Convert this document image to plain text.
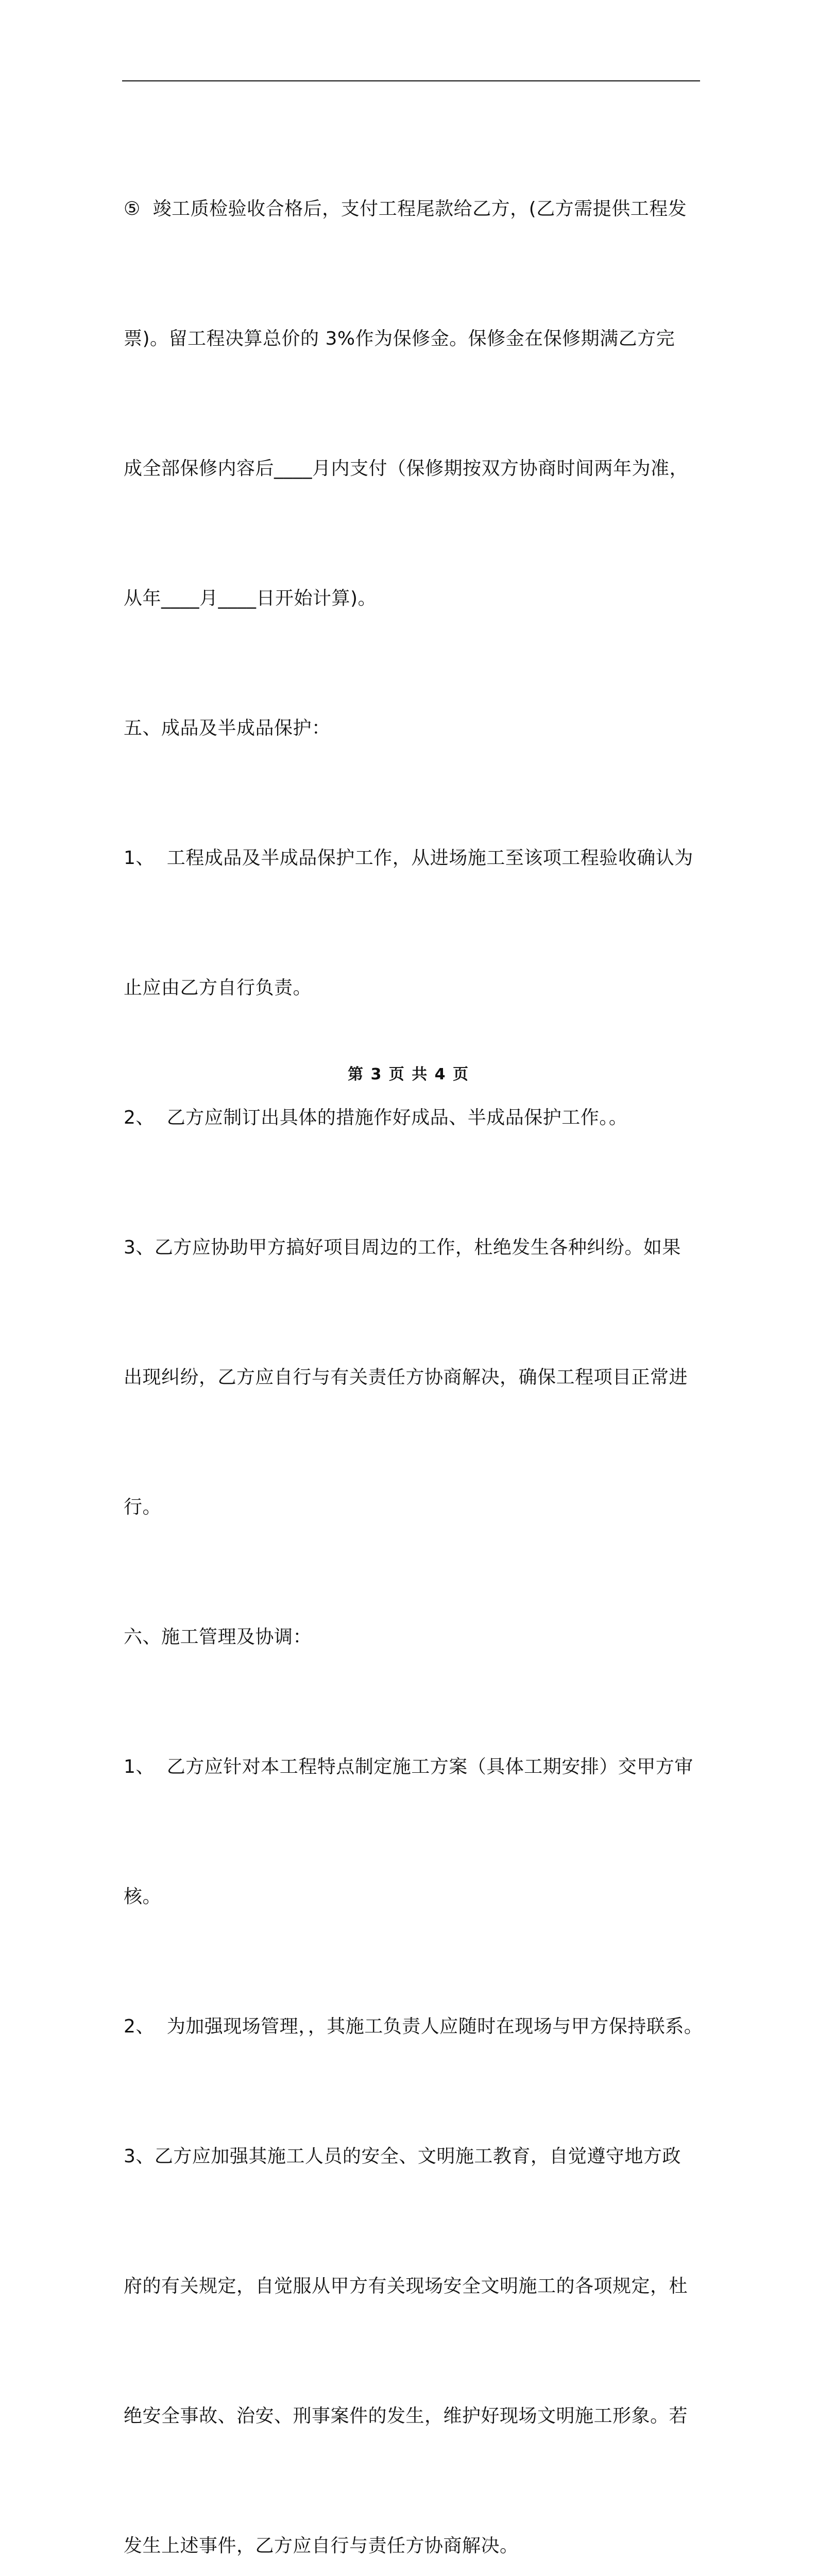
⑤  竣工质检验收合格后，支付工程尾款给乙方，(乙方需提供工程发

票)。留工程决算总价的 3%作为保修金。保修金在保修期满乙方完

成全部保修内容后____月内支付（保修期按双方协商时间两年为准，

从年____月____日开始计算)。

五、成品及半成品保护：

1、  工程成品及半成品保护工作，从进场施工至该项工程验收确认为

止应由乙方自行负责。

2、  乙方应制订出具体的措施作好成品、半成品保护工作。。

3、乙方应协助甲方搞好项目周边的工作，杜绝发生各种纠纷。如果

出现纠纷，乙方应自行与有关责任方协商解决，确保工程项目正常进

行。

六、施工管理及协调：

1、  乙方应针对本工程特点制定施工方案（具体工期安排）交甲方审

核。

2、  为加强现场管理，，其施工负责人应随时在现场与甲方保持联系。

3、乙方应加强其施工人员的安全、文明施工教育，自觉遵守地方政

府的有关规定，自觉服从甲方有关现场安全文明施工的各项规定，杜

绝安全事故、治安、刑事案件的发生，维护好现场文明施工形象。若

发生上述事件，乙方应自行与责任方协商解决。

第 3 页 共 4 页
